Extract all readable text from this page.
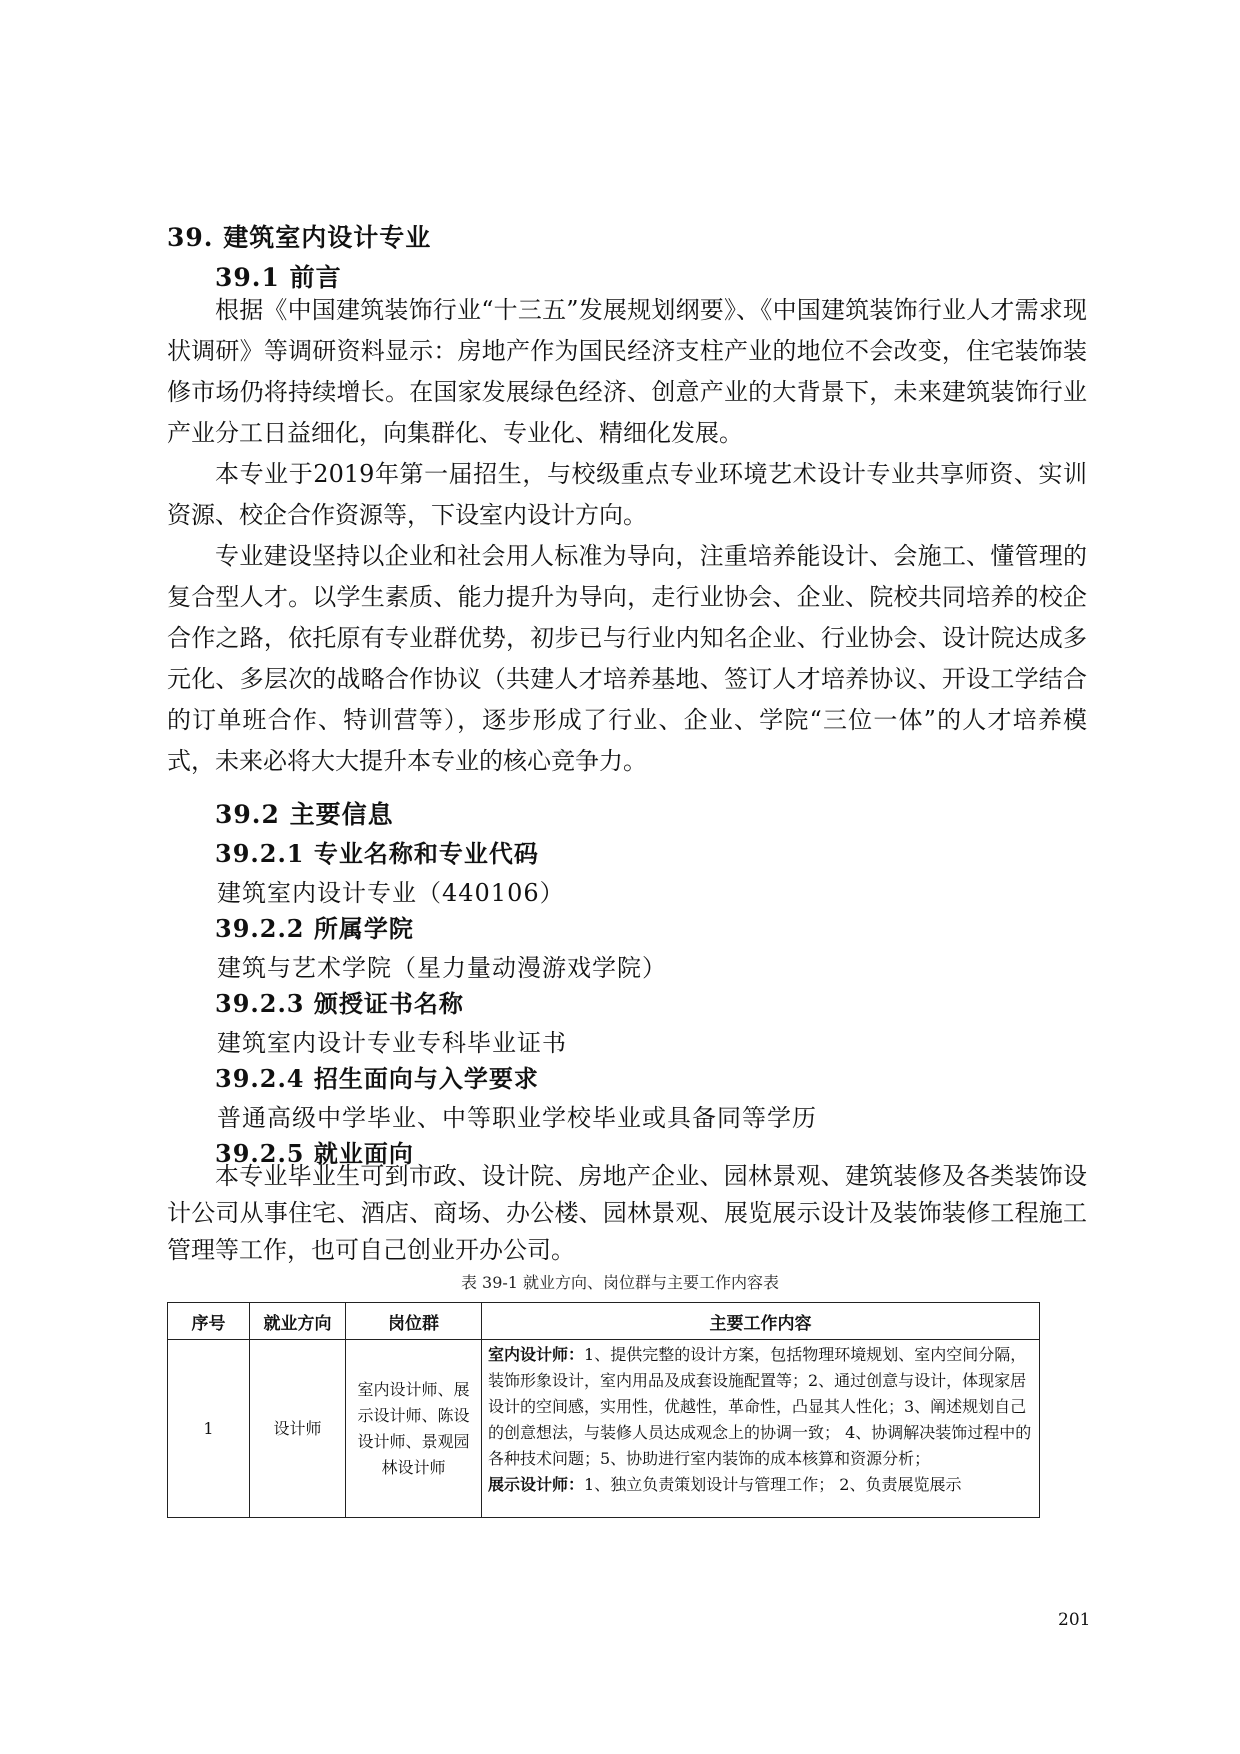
39. 建筑室内设计专业
39.1 前言

根据《中国建筑装饰行业“十三五”发展规划纲要》、《中国建筑装饰行业人才需求现状调研》等调研资料显示：房地产作为国民经济支柱产业的地位不会改变，住宅装饰装修市场仍将持续增长。在国家发展绿色经济、创意产业的大背景下，未来建筑装饰行业产业分工日益细化，向集群化、专业化、精细化发展。

本专业于2019年第一届招生，与校级重点专业环境艺术设计专业共享师资、实训资源、校企合作资源等，下设室内设计方向。

专业建设坚持以企业和社会用人标准为导向，注重培养能设计、会施工、懂管理的复合型人才。以学生素质、能力提升为导向，走行业协会、企业、院校共同培养的校企合作之路，依托原有专业群优势，初步已与行业内知名企业、行业协会、设计院达成多元化、多层次的战略合作协议（共建人才培养基地、签订人才培养协议、开设工学结合的订单班合作、特训营等），逐步形成了行业、企业、学院“三位一体”的人才培养模式，未来必将大大提升本专业的核心竞争力。

39.2 主要信息
39.2.1 专业名称和专业代码
建筑室内设计专业（440106）
39.2.2 所属学院
建筑与艺术学院（星力量动漫游戏学院）
39.2.3 颁授证书名称
建筑室内设计专业专科毕业证书
39.2.4 招生面向与入学要求
普通高级中学毕业、中等职业学校毕业或具备同等学历
39.2.5 就业面向

本专业毕业生可到市政、设计院、房地产企业、园林景观、建筑装修及各类装饰设计公司从事住宅、酒店、商场、办公楼、园林景观、展览展示设计及装饰装修工程施工管理等工作，也可自己创业开办公司。

表 39-1 就业方向、岗位群与主要工作内容表
序号	就业方向	岗位群	主要工作内容
1	设计师	室内设计师、展示设计师、陈设设计师、景观园林设计师	室内设计师：1、提供完整的设计方案，包括物理环境规划、室内空间分隔，装饰形象设计，室内用品及成套设施配置等；2、通过创意与设计，体现家居设计的空间感，实用性，优越性，革命性，凸显其人性化；3、阐述规划自己的创意想法，与装修人员达成观念上的协调一致； 4、协调解决装饰过程中的各种技术问题；5、协助进行室内装饰的成本核算和资源分析；
展示设计师：1、独立负责策划设计与管理工作； 2、负责展览展示
201
